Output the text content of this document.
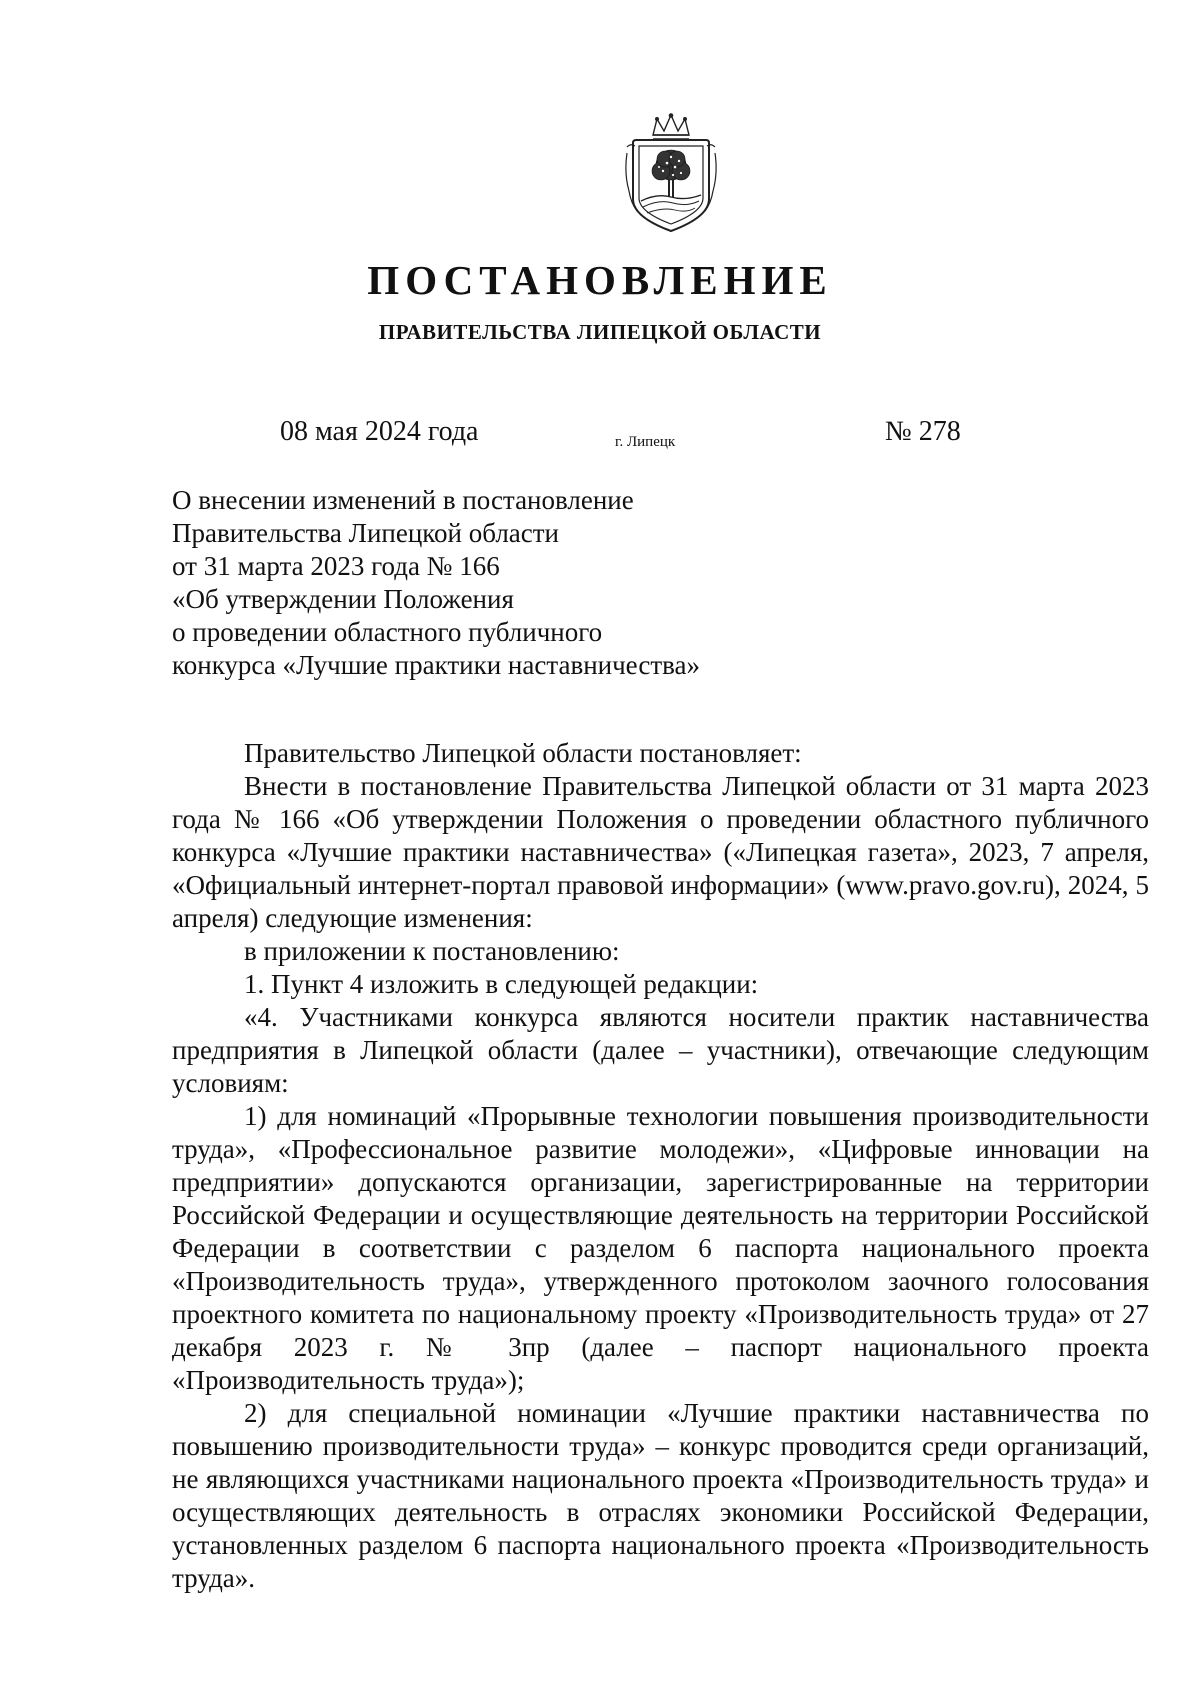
ПОСТАНОВЛЕНИЕ
ПРАВИТЕЛЬСТВА ЛИПЕЦКОЙ ОБЛАСТИ
08 мая 2024 года	г. Липецк	№ 278
О внесении изменений в постановление
Правительства Липецкой области
от 31 марта 2023 года № 166
«Об утверждении Положения
о проведении областного публичного
конкурса «Лучшие практики наставничества»

Правительство Липецкой области постановляет:

Внести в постановление Правительства Липецкой области от 31 марта 2023 года № 166 «Об утверждении Положения о проведении областного публичного конкурса «Лучшие практики наставничества» («Липецкая газета», 2023, 7 апреля, «Официальный интернет-портал правовой информации» (www.pravo.gov.ru), 2024, 5 апреля) следующие изменения:

в приложении к постановлению:

1. Пункт 4 изложить в следующей редакции:

«4. Участниками конкурса являются носители практик наставничества предприятия в Липецкой области (далее – участники), отвечающие следующим условиям:

1) для номинаций «Прорывные технологии повышения производительности труда», «Профессиональное развитие молодежи», «Цифровые инновации на предприятии» допускаются организации, зарегистрированные на территории Российской Федерации и осуществляющие деятельность на территории Российской Федерации в соответствии с разделом 6 паспорта национального проекта «Производительность труда», утвержденного протоколом заочного голосования проектного комитета по национальному проекту «Производительность труда» от 27 декабря 2023 г. № 3пр (далее – паспорт национального проекта «Производительность труда»);

2) для специальной номинации «Лучшие практики наставничества по повышению производительности труда» – конкурс проводится среди организаций, не являющихся участниками национального проекта «Производительность труда» и осуществляющих деятельность в отраслях экономики Российской Федерации, установленных разделом 6 паспорта национального проекта «Производительность труда».
